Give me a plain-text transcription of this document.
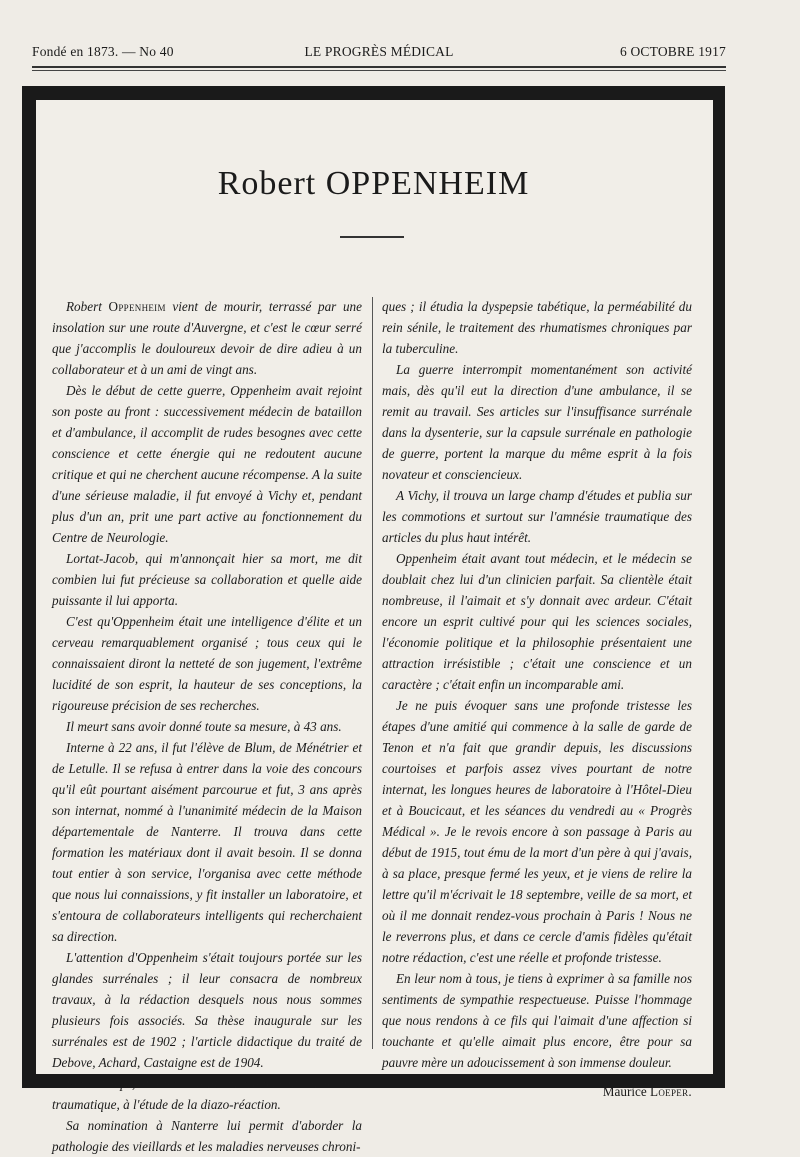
Fondé en 1873. — No 40	LE PROGRÈS MÉDICAL	6 OCTOBRE 1917
Robert OPPENHEIM

Robert Oppenheim vient de mourir, terrassé par une insolation sur une route d'Auvergne, et c'est le cœur serré que j'accomplis le douloureux devoir de dire adieu à un collaborateur et à un ami de vingt ans.

Dès le début de cette guerre, Oppenheim avait rejoint son poste au front : successivement médecin de bataillon et d'ambulance, il accomplit de rudes besognes avec cette conscience et cette énergie qui ne redoutent aucune critique et qui ne cherchent aucune récompense. A la suite d'une sérieuse maladie, il fut envoyé à Vichy et, pendant plus d'un an, prit une part active au fonctionnement du Centre de Neurologie.

Lortat-Jacob, qui m'annonçait hier sa mort, me dit combien lui fut précieuse sa collaboration et quelle aide puissante il lui apporta.

C'est qu'Oppenheim était une intelligence d'élite et un cerveau remarquablement organisé ; tous ceux qui le connaissaient diront la netteté de son jugement, l'extrême lucidité de son esprit, la hauteur de ses conceptions, la rigoureuse précision de ses recherches.

Il meurt sans avoir donné toute sa mesure, à 43 ans.

Interne à 22 ans, il fut l'élève de Blum, de Ménétrier et de Letulle. Il se refusa à entrer dans la voie des concours qu'il eût pourtant aisément parcourue et fut, 3 ans après son internat, nommé à l'unanimité médecin de la Maison départementale de Nanterre. Il trouva dans cette formation les matériaux dont il avait besoin. Il se donna tout entier à son service, l'organisa avec cette méthode que nous lui connaissions, y fit installer un laboratoire, et s'entoura de collaborateurs intelligents qui recherchaient sa direction.

L'attention d'Oppenheim s'était toujours portée sur les glandes surrénales ; il leur consacra de nombreux travaux, à la rédaction desquels nous nous sommes plusieurs fois associés. Sa thèse inaugurale sur les surrénales est de 1902 ; l'article didactique du traité de Debove, Achard, Castaigne est de 1904.

Entre temps, il s'intéressait au traitement du tétanos traumatique, à l'étude de la diazo-réaction.

Sa nomination à Nanterre lui permit d'aborder la pathologie des vieillards et les maladies nerveuses chroni-

ques ; il étudia la dyspepsie tabétique, la perméabilité du rein sénile, le traitement des rhumatismes chroniques par la tuberculine.

La guerre interrompit momentanément son activité mais, dès qu'il eut la direction d'une ambulance, il se remit au travail. Ses articles sur l'insuffisance surrénale dans la dysenterie, sur la capsule surrénale en pathologie de guerre, portent la marque du même esprit à la fois novateur et consciencieux.

A Vichy, il trouva un large champ d'études et publia sur les commotions et surtout sur l'amnésie traumatique des articles du plus haut intérêt.

Oppenheim était avant tout médecin, et le médecin se doublait chez lui d'un clinicien parfait. Sa clientèle était nombreuse, il l'aimait et s'y donnait avec ardeur. C'était encore un esprit cultivé pour qui les sciences sociales, l'économie politique et la philosophie présentaient une attraction irrésistible ; c'était une conscience et un caractère ; c'était enfin un incomparable ami.

Je ne puis évoquer sans une profonde tristesse les étapes d'une amitié qui commence à la salle de garde de Tenon et n'a fait que grandir depuis, les discussions courtoises et parfois assez vives pourtant de notre internat, les longues heures de laboratoire à l'Hôtel-Dieu et à Boucicaut, et les séances du vendredi au « Progrès Médical ». Je le revois encore à son passage à Paris au début de 1915, tout ému de la mort d'un père à qui j'avais, à sa place, presque fermé les yeux, et je viens de relire la lettre qu'il m'écrivait le 18 septembre, veille de sa mort, et où il me donnait rendez-vous prochain à Paris ! Nous ne le reverrons plus, et dans ce cercle d'amis fidèles qu'était notre rédaction, c'est une réelle et profonde tristesse.

En leur nom à tous, je tiens à exprimer à sa famille nos sentiments de sympathie respectueuse. Puisse l'hommage que nous rendons à ce fils qui l'aimait d'une affection si touchante et qu'elle aimait plus encore, être pour sa pauvre mère un adoucissement à son immense douleur.

Maurice Loeper.
